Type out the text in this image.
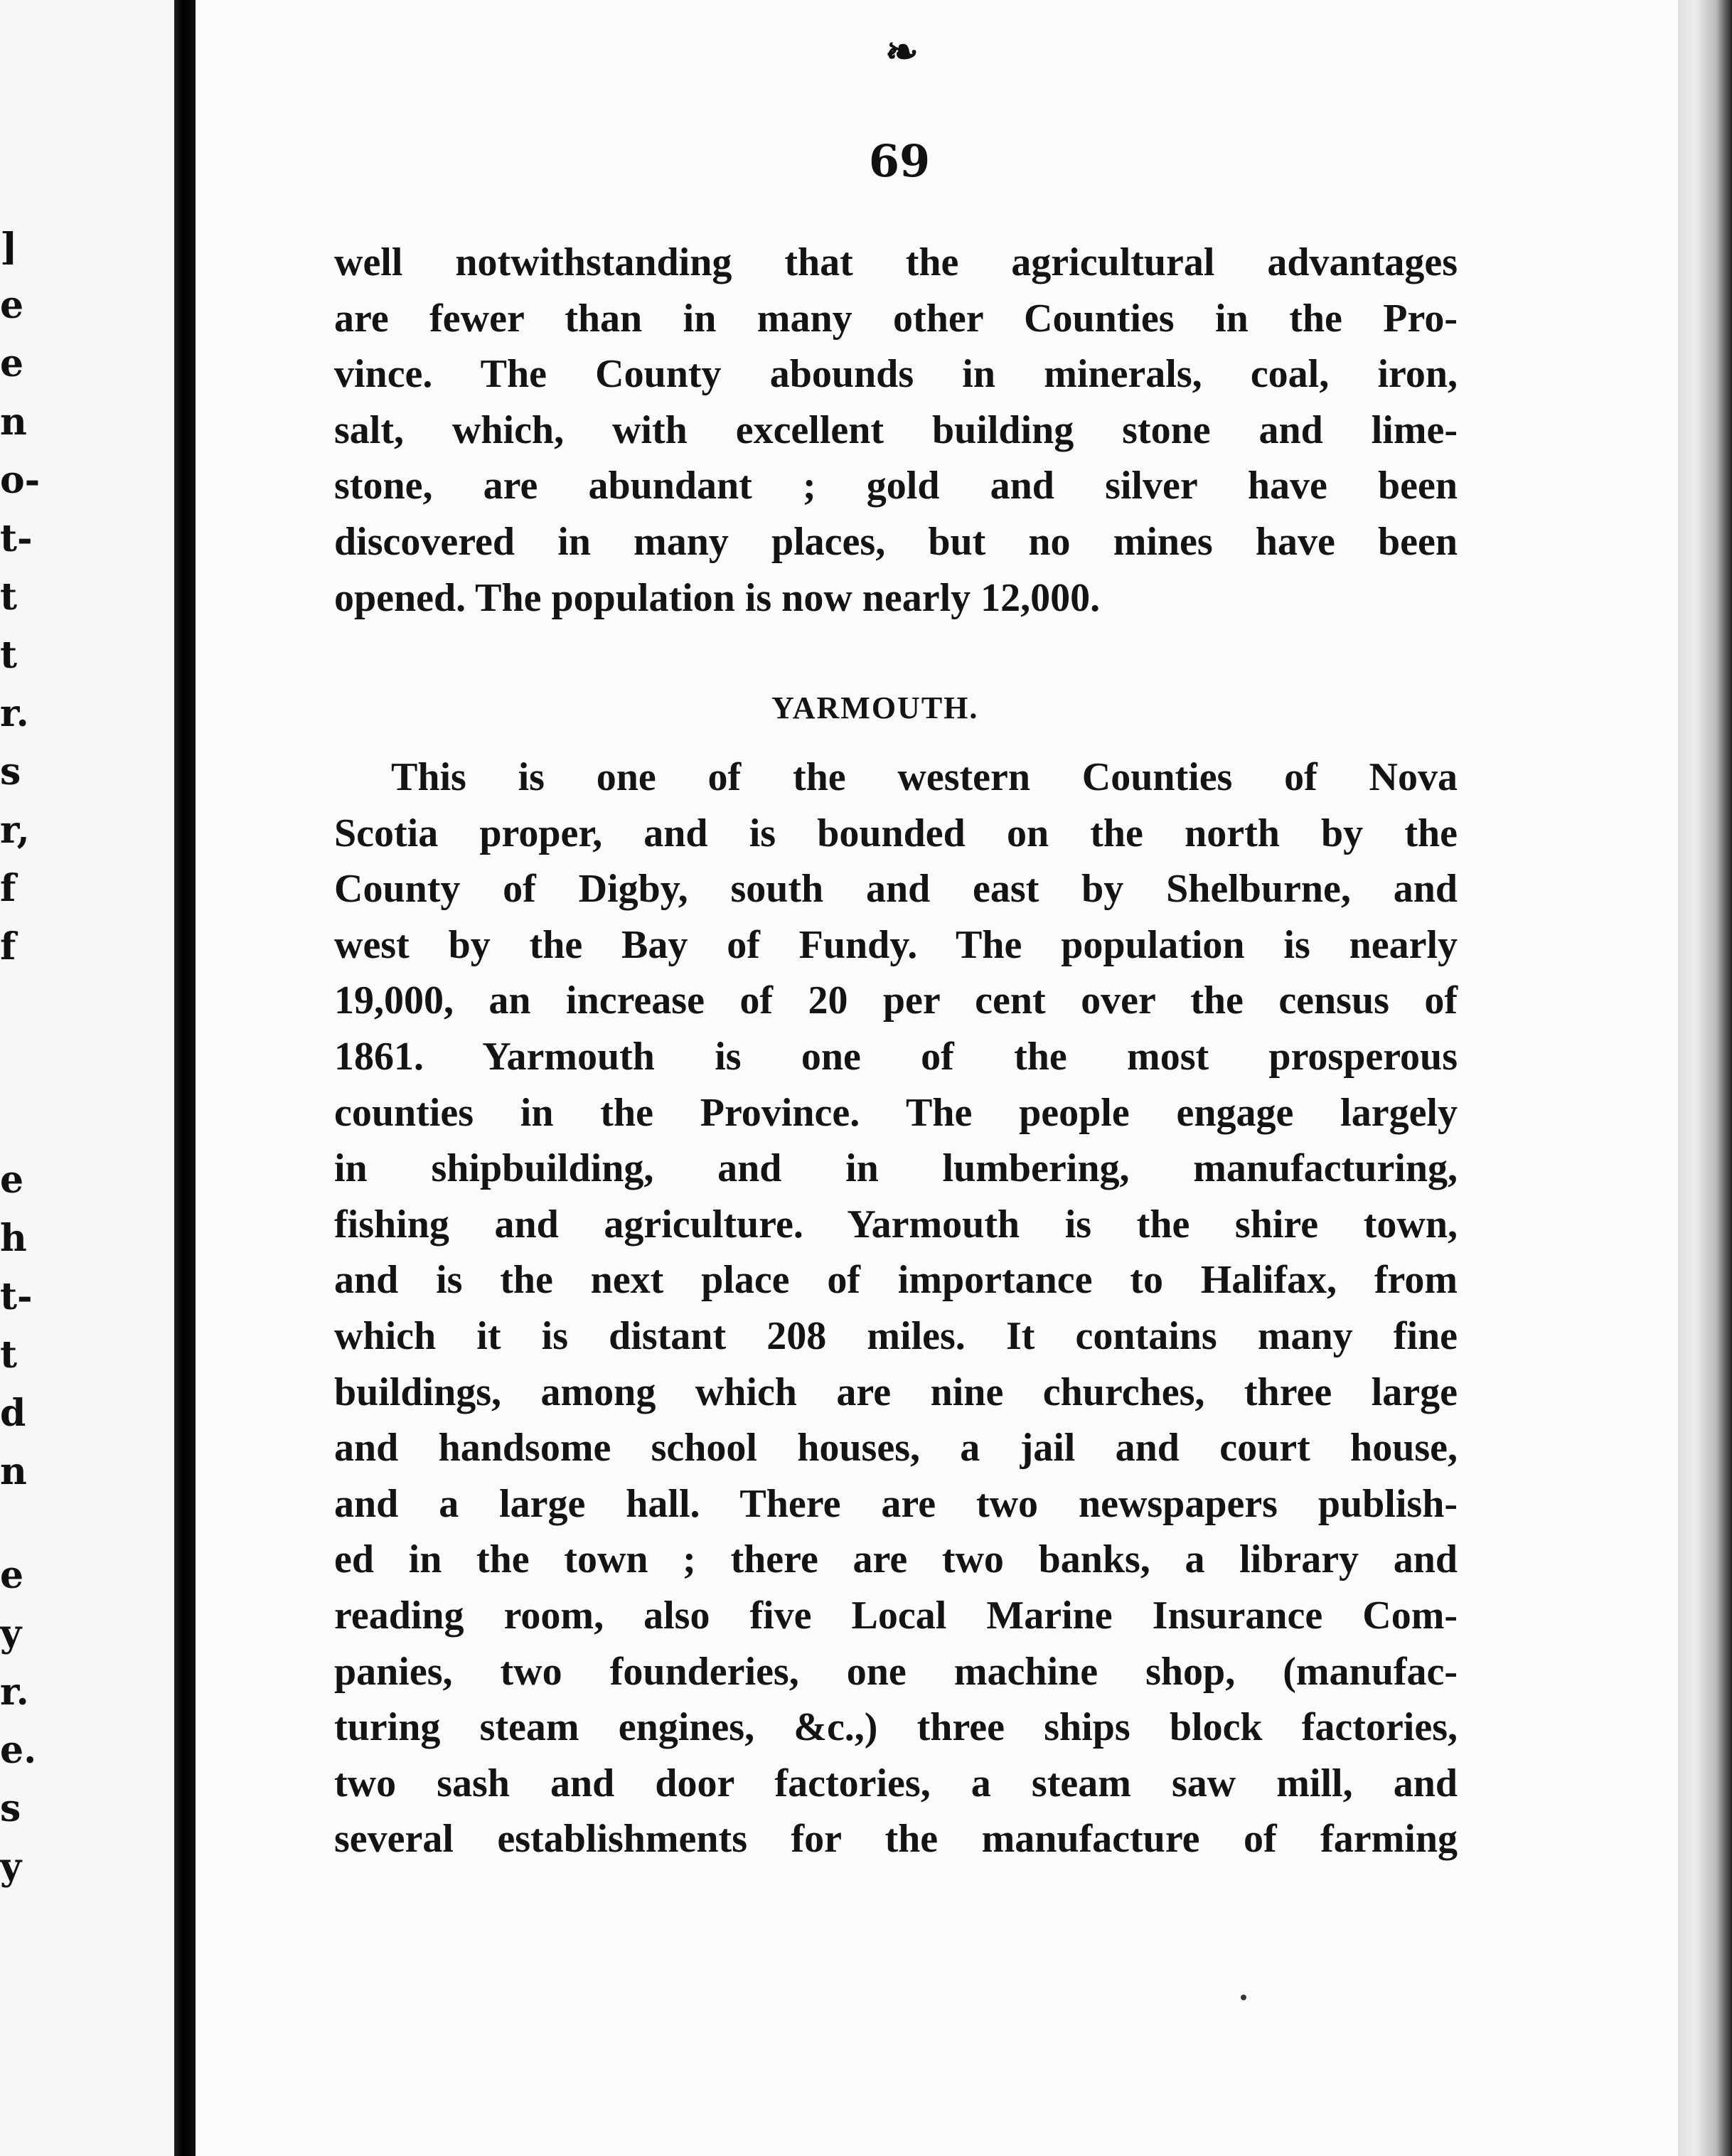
]
e
e
n
o-
t-
t
t
r.
s
r,
f
f
e
h
t-
t
d
n
e
y
r.
e.
s
y
❧
69
well notwithstanding that the agricultural advantages
are fewer than in many other Counties in the Pro-
vince. The County abounds in minerals, coal, iron,
salt, which, with excellent building stone and lime-
stone, are abundant ; gold and silver have been
discovered in many places, but no mines have been
opened. The population is now nearly 12,000.
YARMOUTH.
This is one of the western Counties of Nova
Scotia proper, and is bounded on the north by the
County of Digby, south and east by Shelburne, and
west by the Bay of Fundy. The population is nearly
19,000, an increase of 20 per cent over the census of
1861. Yarmouth is one of the most prosperous
counties in the Province. The people engage largely
in shipbuilding, and in lumbering, manufacturing,
fishing and agriculture. Yarmouth is the shire town,
and is the next place of importance to Halifax, from
which it is distant 208 miles. It contains many fine
buildings, among which are nine churches, three large
and handsome school houses, a jail and court house,
and a large hall. There are two newspapers publish-
ed in the town ; there are two banks, a library and
reading room, also five Local Marine Insurance Com-
panies, two founderies, one machine shop, (manufac-
turing steam engines, &c.,) three ships block factories,
two sash and door factories, a steam saw mill, and
several establishments for the manufacture of farming
